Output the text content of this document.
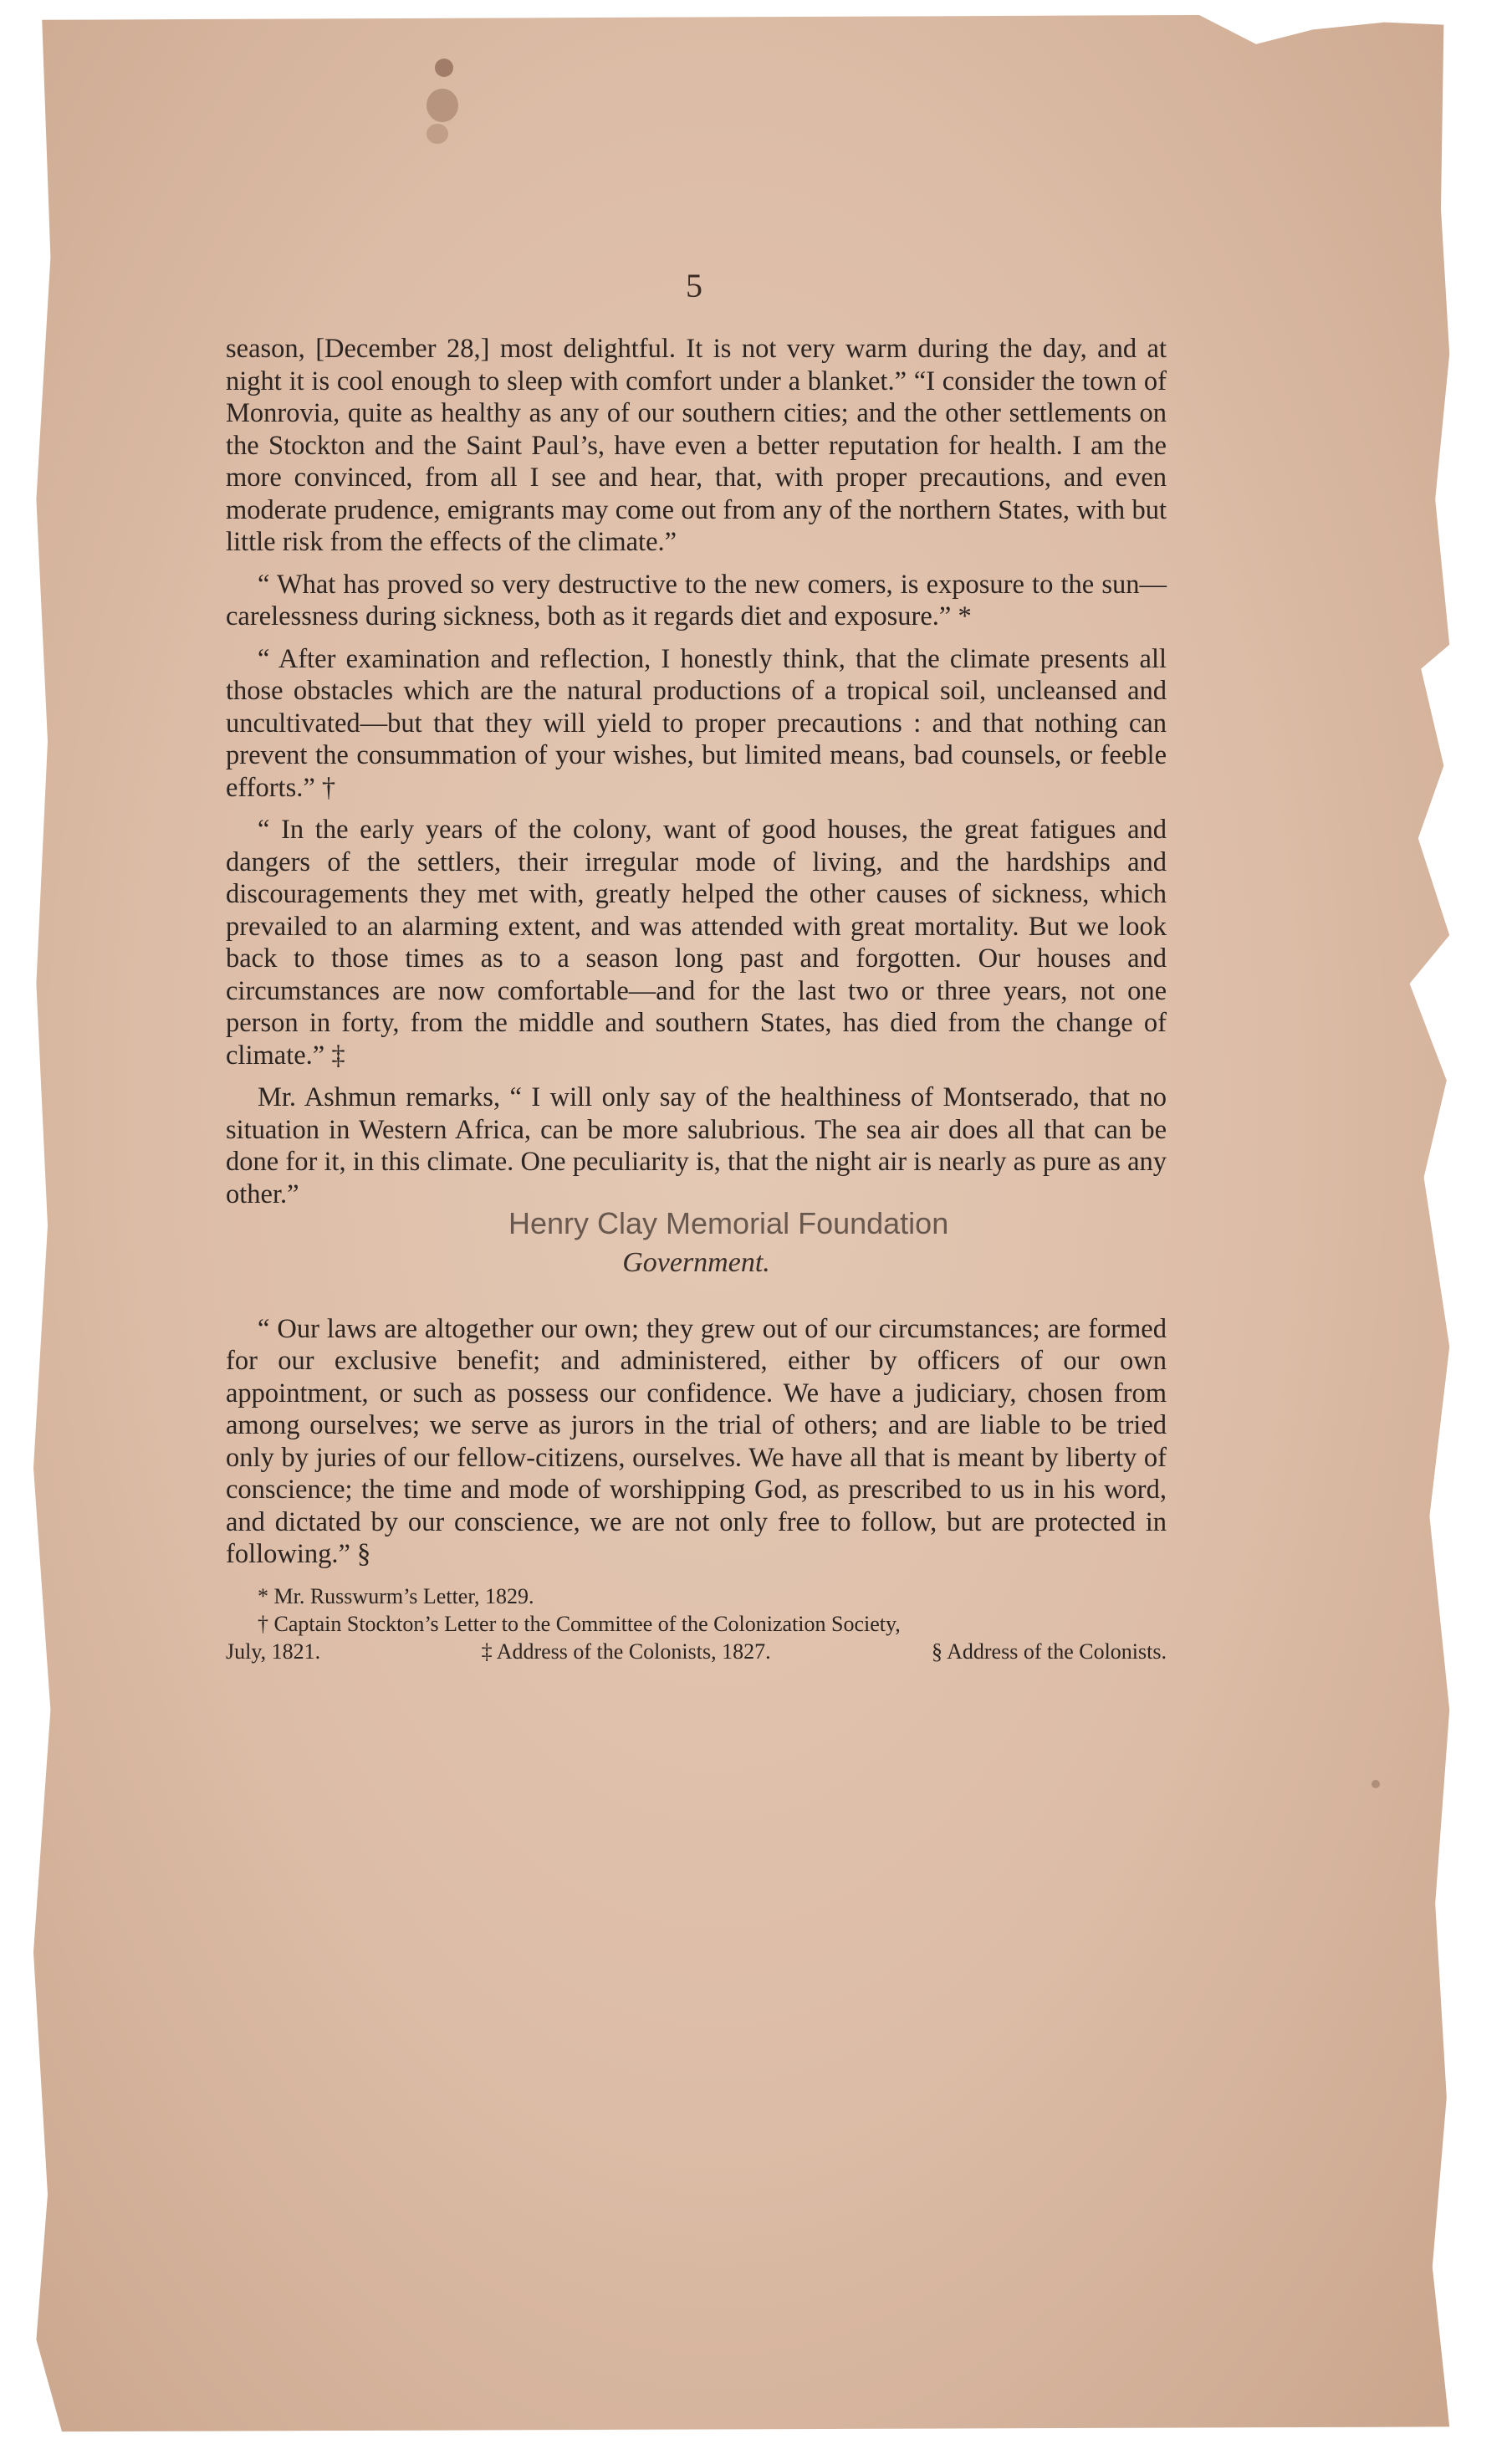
5

season, [December 28,] most delightful. It is not very warm during the day, and at night it is cool enough to sleep with comfort under a blanket.” “I consider the town of Monrovia, quite as healthy as any of our southern cities; and the other settlements on the Stockton and the Saint Paul’s, have even a better reputation for health. I am the more convinced, from all I see and hear, that, with proper precautions, and even moderate prudence, emigrants may come out from any of the northern States, with but little risk from the effects of the climate.”

“ What has proved so very destructive to the new comers, is exposure to the sun—carelessness during sickness, both as it regards diet and exposure.” *

“ After examination and reflection, I honestly think, that the climate presents all those obstacles which are the natural productions of a tropical soil, uncleansed and uncultivated—but that they will yield to proper precautions : and that nothing can prevent the consummation of your wishes, but limited means, bad counsels, or feeble efforts.” †

“ In the early years of the colony, want of good houses, the great fatigues and dangers of the settlers, their irregular mode of living, and the hardships and discouragements they met with, greatly helped the other causes of sickness, which prevailed to an alarming extent, and was attended with great mortality. But we look back to those times as to a season long past and forgotten. Our houses and circumstances are now comfortable—and for the last two or three years, not one person in forty, from the middle and southern States, has died from the change of climate.” ‡

Mr. Ashmun remarks, “ I will only say of the healthiness of Montserado, that no situation in Western Africa, can be more salubrious. The sea air does all that can be done for it, in this climate. One peculiarity is, that the night air is nearly as pure as any other.”

Government.

“ Our laws are altogether our own; they grew out of our circumstances; are formed for our exclusive benefit; and administered, either by officers of our own appointment, or such as possess our confidence. We have a judiciary, chosen from among ourselves; we serve as jurors in the trial of others; and are liable to be tried only by juries of our fellow-citizens, ourselves. We have all that is meant by liberty of conscience; the time and mode of worshipping God, as prescribed to us in his word, and dictated by our conscience, we are not only free to follow, but are protected in following.” §

* Mr. Russwurm’s Letter, 1829.

† Captain Stockton’s Letter to the Committee of the Colonization Society,

July, 1821.	‡ Address of the Colonists, 1827.	§ Address of the Colonists.
Henry Clay Memorial Foundation
